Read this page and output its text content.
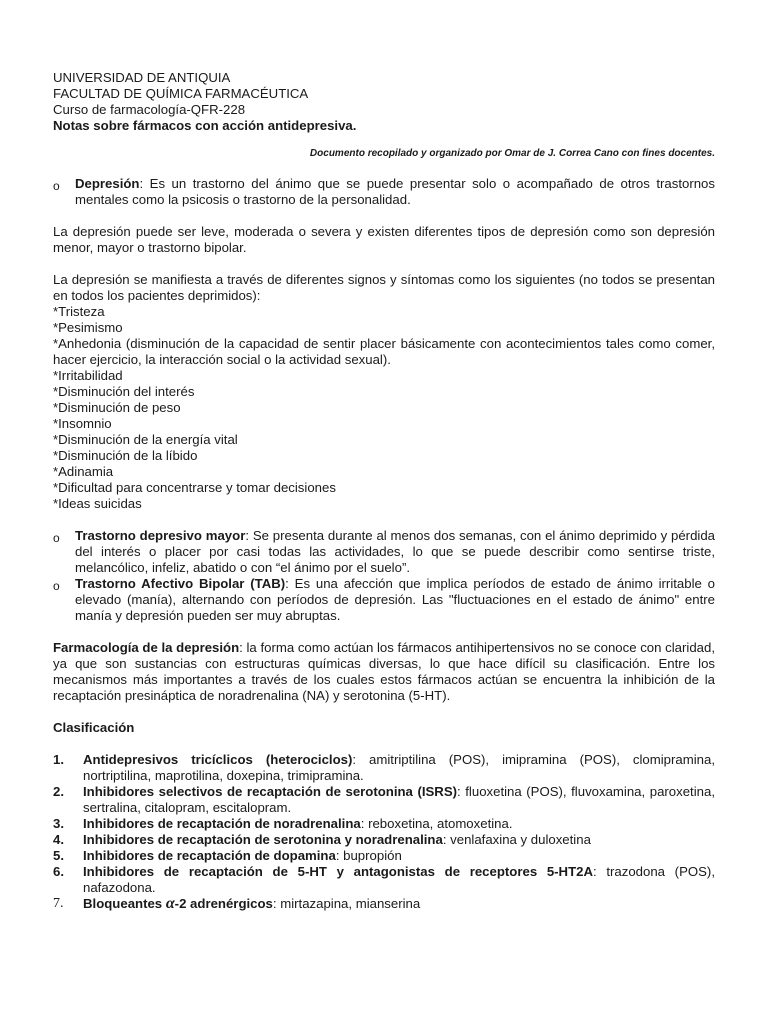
UNIVERSIDAD DE ANTIQUIA
FACULTAD DE QUÍMICA FARMACÉUTICA
Curso de farmacología-QFR-228
Notas sobre fármacos con acción antidepresiva.
Documento recopilado y organizado por Omar de J. Correa Cano con fines docentes.
o	Depresión: Es un trastorno del ánimo que se puede presentar solo o acompañado de otros trastornos mentales como la psicosis o trastorno de la personalidad.
La depresión puede ser leve, moderada o severa y existen diferentes tipos de depresión como son depresión menor, mayor o trastorno bipolar.
La depresión se manifiesta a través de diferentes signos y síntomas como los siguientes (no todos se presentan en todos los pacientes deprimidos):
*Tristeza
*Pesimismo
*Anhedonia (disminución de la capacidad de sentir placer básicamente con acontecimientos tales como comer, hacer ejercicio, la interacción social o la actividad sexual).
*Irritabilidad
*Disminución del interés
*Disminución de peso
*Insomnio
*Disminución de la energía vital
*Disminución de la líbido
*Adinamia
*Dificultad para concentrarse y tomar decisiones
*Ideas suicidas
o	Trastorno depresivo mayor: Se presenta durante al menos dos semanas, con el ánimo deprimido y pérdida del interés o placer por casi todas las actividades, lo que se puede describir como sentirse triste, melancólico, infeliz, abatido o con “el ánimo por el suelo”.
o	Trastorno Afectivo Bipolar (TAB): Es una afección que implica períodos de estado de ánimo irritable o elevado (manía), alternando con períodos de depresión. Las "fluctuaciones en el estado de ánimo" entre manía y depresión pueden ser muy abruptas.
Farmacología de la depresión: la forma como actúan los fármacos antihipertensivos no se conoce con claridad, ya que son sustancias con estructuras químicas diversas, lo que hace difícil su clasificación. Entre los mecanismos más importantes a través de los cuales estos fármacos actúan se encuentra la inhibición de la recaptación presináptica de noradrenalina (NA) y serotonina (5-HT).
Clasificación
1.	Antidepresivos tricíclicos (heterociclos): amitriptilina (POS), imipramina (POS), clomipramina, nortriptilina, maprotilina, doxepina, trimipramina.
2.	Inhibidores selectivos de recaptación de serotonina (ISRS): fluoxetina (POS), fluvoxamina, paroxetina, sertralina, citalopram, escitalopram.
3.	Inhibidores de recaptación de noradrenalina: reboxetina, atomoxetina.
4.	Inhibidores de recaptación de serotonina y noradrenalina: venlafaxina y duloxetina
5.	Inhibidores de recaptación de dopamina: bupropión
6.	Inhibidores de recaptación de 5-HT y antagonistas de receptores 5-HT2A: trazodona (POS), nafazodona.
7.	Bloqueantes α-2 adrenérgicos: mirtazapina, mianserina
